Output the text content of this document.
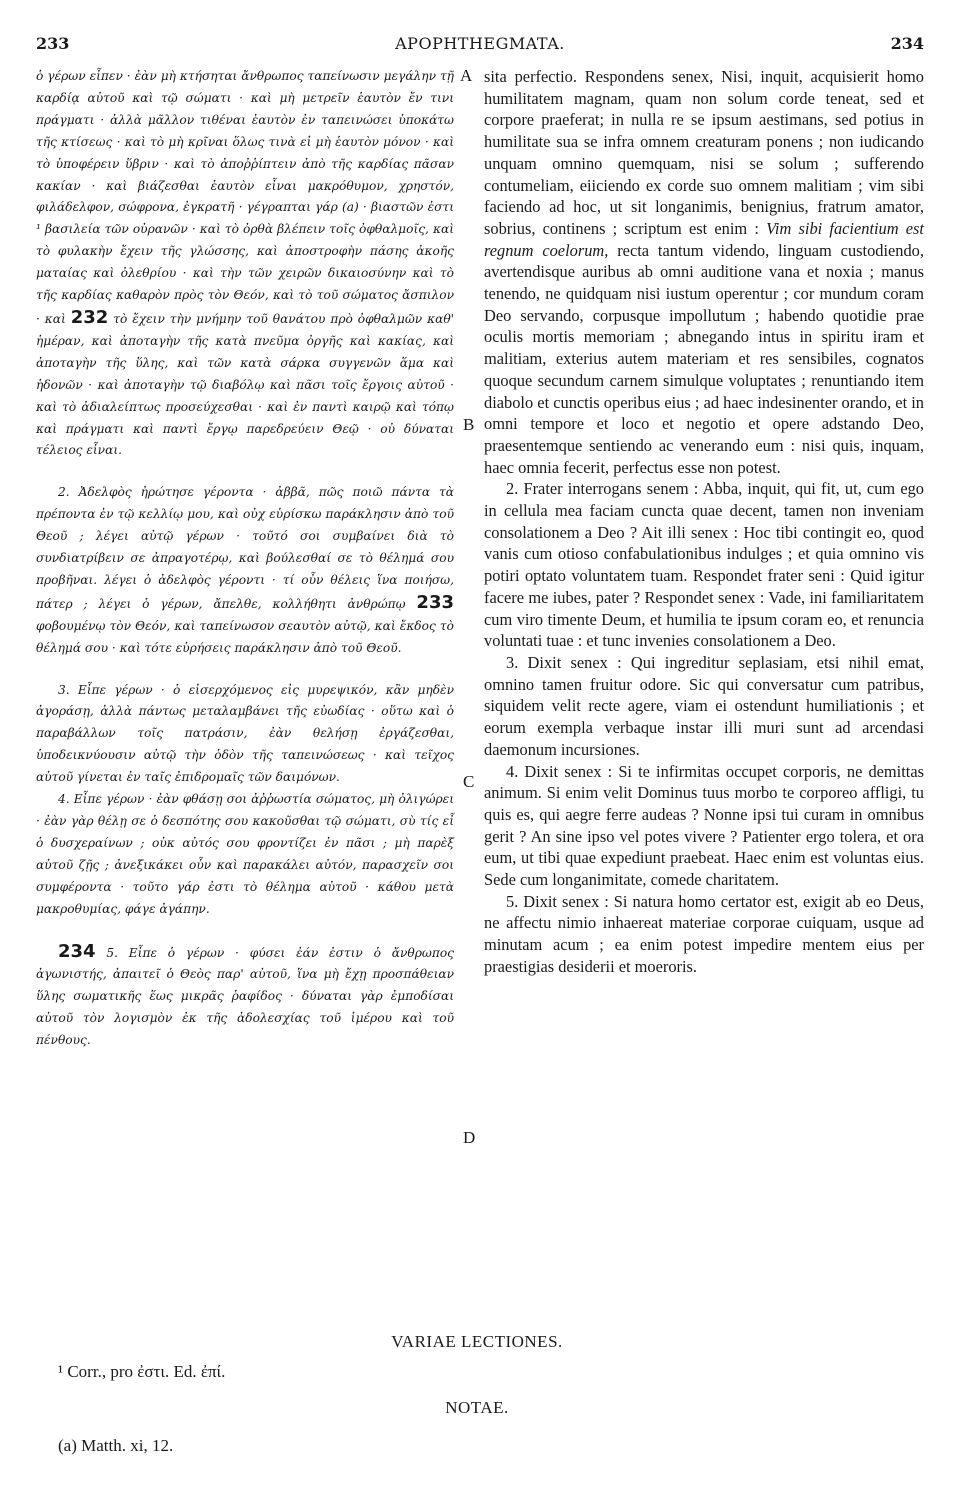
233	APOPHTHEGMATA.	234
A
B
C
D

ὁ γέρων εἶπεν · ἐὰν μὴ κτήσηται ἄνθρωπος ταπείνωσιν μεγάλην τῇ καρδίᾳ αὐτοῦ καὶ τῷ σώματι · καὶ μὴ μετρεῖν ἑαυτὸν ἔν τινι πράγματι · ἀλλὰ μᾶλλον τιθέναι ἑαυτὸν ἐν ταπεινώσει ὑποκάτω τῆς κτίσεως · καὶ τὸ μὴ κρῖναι ὅλως τινὰ εἰ μὴ ἑαυτὸν μόνον · καὶ τὸ ὑποφέρειν ὕβριν · καὶ τὸ ἀποῤῥίπτειν ἀπὸ τῆς καρδίας πᾶσαν κακίαν · καὶ βιάζεσθαι ἑαυτὸν εἶναι μακρόθυμον, χρηστόν, φιλάδελφον, σώφρονα, ἐγκρατῆ · γέγραπται γάρ (a) · βιαστῶν ἐστι ¹ βασιλεία τῶν οὐρανῶν · καὶ τὸ ὀρθὰ βλέπειν τοῖς ὀφθαλμοῖς, καὶ τὸ φυλακὴν ἔχειν τῆς γλώσσης, καὶ ἀποστροφὴν πάσης ἀκοῆς ματαίας καὶ ὀλεθρίου · καὶ τὴν τῶν χειρῶν δικαιοσύνην καὶ τὸ τῆς καρδίας καθαρὸν πρὸς τὸν Θεόν, καὶ τὸ τοῦ σώματος ἄσπιλον · καὶ 232 τὸ ἔχειν τὴν μνήμην τοῦ θανάτου πρὸ ὀφθαλμῶν καθ' ἡμέραν, καὶ ἀποταγὴν τῆς κατὰ πνεῦμα ὀργῆς καὶ κακίας, καὶ ἀποταγὴν τῆς ὕλης, καὶ τῶν κατὰ σάρκα συγγενῶν ἅμα καὶ ἡδονῶν · καὶ ἀποταγὴν τῷ διαβόλῳ καὶ πᾶσι τοῖς ἔργοις αὐτοῦ · καὶ τὸ ἀδιαλείπτως προσεύχεσθαι · καὶ ἐν παντὶ καιρῷ καὶ τόπῳ καὶ πράγματι καὶ παντὶ ἔργῳ παρεδρεύειν Θεῷ · οὐ δύναται τέλειος εἶναι.

2. Ἀδελφὸς ἠρώτησε γέροντα · ἀββᾶ, πῶς ποιῶ πάντα τὰ πρέποντα ἐν τῷ κελλίῳ μου, καὶ οὐχ εὑρίσκω παράκλησιν ἀπὸ τοῦ Θεοῦ ; λέγει αὐτῷ γέρων · τοῦτό σοι συμβαίνει διὰ τὸ συνδιατρίβειν σε ἀπραγοτέρῳ, καὶ βούλεσθαί σε τὸ θέλημά σου προβῆναι. λέγει ὁ ἀδελφὸς γέροντι · τί οὖν θέλεις ἵνα ποιήσω, πάτερ ; λέγει ὁ γέρων, ἄπελθε, κολλήθητι ἀνθρώπῳ 233 φοβουμένῳ τὸν Θεόν, καὶ ταπείνωσον σεαυτὸν αὐτῷ, καὶ ἔκδος τὸ θέλημά σου · καὶ τότε εὑρήσεις παράκλησιν ἀπὸ τοῦ Θεοῦ.

3. Εἶπε γέρων · ὁ εἰσερχόμενος εἰς μυρεψικόν, κἂν μηδὲν ἀγοράσῃ, ἀλλὰ πάντως μεταλαμβάνει τῆς εὐωδίας · οὕτω καὶ ὁ παραβάλλων τοῖς πατράσιν, ἐὰν θελήσῃ ἐργάζεσθαι, ὑποδεικνύουσιν αὐτῷ τὴν ὁδὸν τῆς ταπεινώσεως · καὶ τεῖχος αὐτοῦ γίνεται ἐν ταῖς ἐπιδρομαῖς τῶν δαιμόνων.

4. Εἶπε γέρων · ἐὰν φθάσῃ σοι ἀῤῥωστία σώματος, μὴ ὀλιγώρει · ἐὰν γὰρ θέλῃ σε ὁ δεσπότης σου κακοῦσθαι τῷ σώματι, σὺ τίς εἶ ὁ δυσχεραίνων ; οὐκ αὐτός σου φροντίζει ἐν πᾶσι ; μὴ παρὲξ αὐτοῦ ζῇς ; ἀνεξικάκει οὖν καὶ παρακάλει αὐτόν, παρασχεῖν σοι συμφέροντα · τοῦτο γάρ ἐστι τὸ θέλημα αὐτοῦ · κάθου μετὰ μακροθυμίας, φάγε ἀγάπην.

234 5. Εἶπε ὁ γέρων · φύσει ἐάν ἐστιν ὁ ἄνθρωπος ἀγωνιστής, ἀπαιτεῖ ὁ Θεὸς παρ' αὐτοῦ, ἵνα μὴ ἔχῃ προσπάθειαν ὕλης σωματικῆς ἕως μικρᾶς ῥαφίδος · δύναται γὰρ ἐμποδίσαι αὐτοῦ τὸν λογισμὸν ἐκ τῆς ἀδολεσχίας τοῦ ἱμέρου καὶ τοῦ πένθους.

sita perfectio. Respondens senex, Nisi, inquit, acquisierit homo humilitatem magnam, quam non solum corde teneat, sed et corpore praeferat; in nulla re se ipsum aestimans, sed potius in humilitate sua se infra omnem creaturam ponens ; non iudicando unquam omnino quemquam, nisi se solum ; sufferendo contumeliam, eiiciendo ex corde suo omnem malitiam ; vim sibi faciendo ad hoc, ut sit longanimis, benignius, fratrum amator, sobrius, continens ; scriptum est enim : Vim sibi facientium est regnum coelorum, recta tantum videndo, linguam custodiendo, avertendisque auribus ab omni auditione vana et noxia ; manus tenendo, ne quidquam nisi iustum operentur ; cor mundum coram Deo servando, corpusque impollutum ; habendo quotidie prae oculis mortis memoriam ; abnegando intus in spiritu iram et malitiam, exterius autem materiam et res sensibiles, cognatos quoque secundum carnem simulque voluptates ; renuntiando item diabolo et cunctis operibus eius ; ad haec indesinenter orando, et in omni tempore et loco et negotio et opere adstando Deo, praesentemque sentiendo ac venerando eum : nisi quis, inquam, haec omnia fecerit, perfectus esse non potest.

2. Frater interrogans senem : Abba, inquit, qui fit, ut, cum ego in cellula mea faciam cuncta quae decent, tamen non inveniam consolationem a Deo ? Ait illi senex : Hoc tibi contingit eo, quod vanis cum otioso confabulationibus indulges ; et quia omnino vis potiri optato voluntatem tuam. Respondet frater seni : Quid igitur facere me iubes, pater ? Respondet senex : Vade, ini familiaritatem cum viro timente Deum, et humilia te ipsum coram eo, et renuncia voluntati tuae : et tunc invenies consolationem a Deo.

3. Dixit senex : Qui ingreditur seplasiam, etsi nihil emat, omnino tamen fruitur odore. Sic qui conversatur cum patribus, siquidem velit recte agere, viam ei ostendunt humiliationis ; et eorum exempla verbaque instar illi muri sunt ad arcendasi daemonum incursiones.

4. Dixit senex : Si te infirmitas occupet corporis, ne demittas animum. Si enim velit Dominus tuus morbo te corporeo affligi, tu quis es, qui aegre ferre audeas ? Nonne ipsi tui curam in omnibus gerit ? An sine ipso vel potes vivere ? Patienter ergo tolera, et ora eum, ut tibi quae expediunt praebeat. Haec enim est voluntas eius. Sede cum longanimitate, comede charitatem.

5. Dixit senex : Si natura homo certator est, exigit ab eo Deus, ne affectu nimio inhaereat materiae corporae cuiquam, usque ad minutam acum ; ea enim potest impedire mentem eius per praestigias desiderii et moeroris.

VARIAE LECTIONES.
¹ Corr., pro ἐστι. Ed. ἐπί.
NOTAE.
(a) Matth. xi, 12.
